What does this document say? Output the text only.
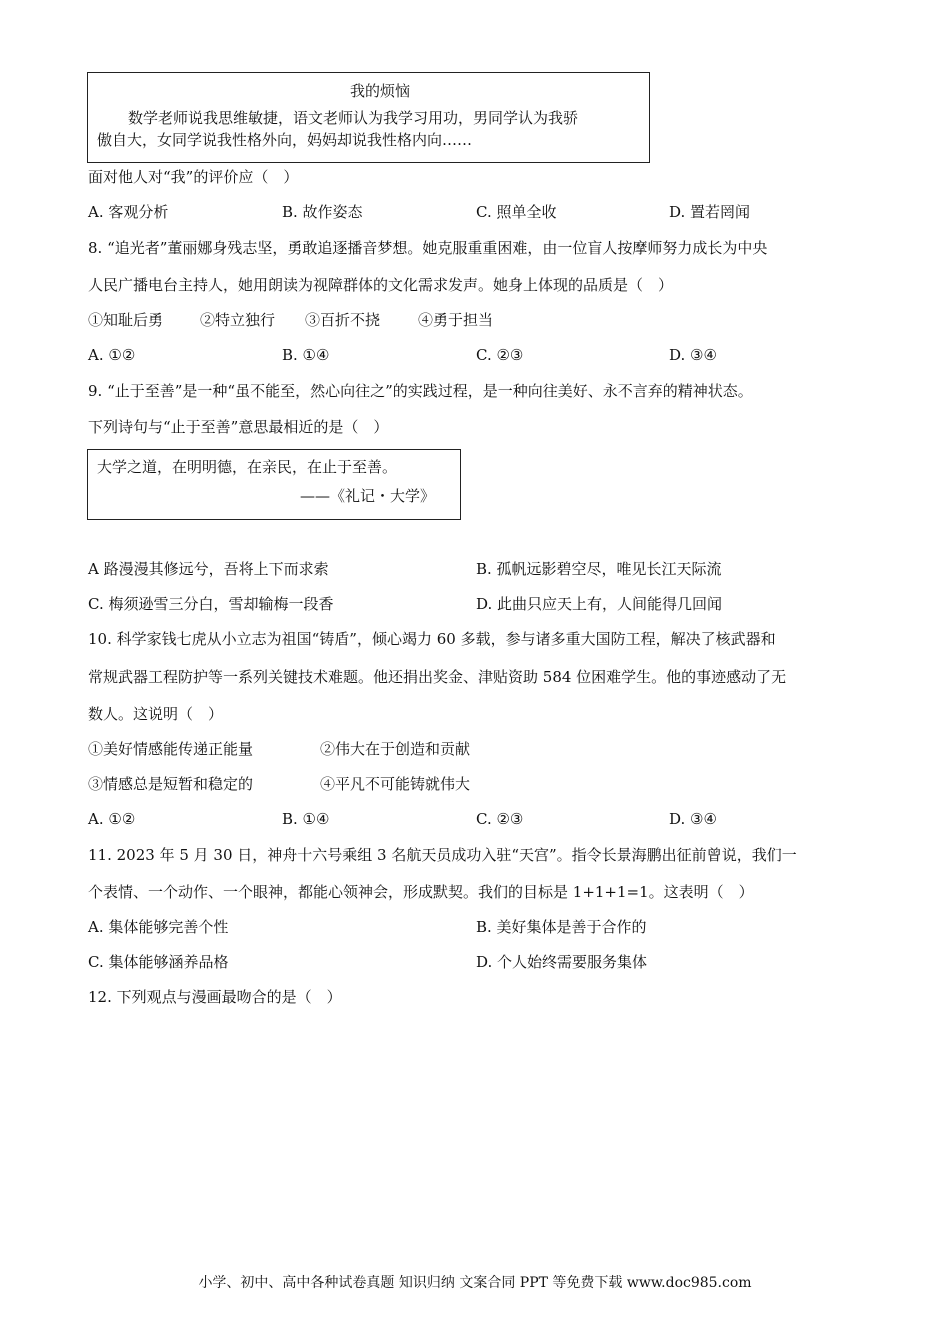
我的烦恼
数学老师说我思维敏捷，语文老师认为我学习用功，男同学认为我骄
傲自大，女同学说我性格外向，妈妈却说我性格内向……
面对他人对“我”的评价应（　）
A. 客观分析	B. 故作姿态	C. 照单全收	D. 置若罔闻
8. “追光者”董丽娜身残志坚，勇敢追逐播音梦想。她克服重重困难，由一位盲人按摩师努力成长为中央
人民广播电台主持人，她用朗读为视障群体的文化需求发声。她身上体现的品质是（　）
①知耻后勇 ②特立独行 ③百折不挠	④勇于担当
A. ①②	B. ①④	C. ②③	D. ③④
9. “止于至善”是一种“虽不能至，然心向往之”的实践过程，是一种向往美好、永不言弃的精神状态。
下列诗句与“止于至善”意思最相近的是（　）
大学之道，在明明德，在亲民，在止于至善。
——《礼记・大学》
A 路漫漫其修远兮，吾将上下而求索	B. 孤帆远影碧空尽，唯见长江天际流
C. 梅须逊雪三分白，雪却输梅一段香	D. 此曲只应天上有，人间能得几回闻
10. 科学家钱七虎从小立志为祖国“铸盾”，倾心竭力 60 多载，参与诸多重大国防工程，解决了核武器和
常规武器工程防护等一系列关键技术难题。他还捐出奖金、津贴资助 584 位困难学生。他的事迹感动了无
数人。这说明（　）
①美好情感能传递正能量	②伟大在于创造和贡献
③情感总是短暂和稳定的	④平凡不可能铸就伟大
A. ①②	B. ①④	C. ②③	D. ③④
11. 2023 年 5 月 30 日，神舟十六号乘组 3 名航天员成功入驻“天宫”。指令长景海鹏出征前曾说，我们一
个表情、一个动作、一个眼神，都能心领神会，形成默契。我们的目标是 1+1+1=1。这表明（　）
A. 集体能够完善个性	B. 美好集体是善于合作的
C. 集体能够涵养品格	D. 个人始终需要服务集体
12. 下列观点与漫画最吻合的是（　）
小学、初中、高中各种试卷真题 知识归纳 文案合同 PPT 等免费下载 www.doc985.com
